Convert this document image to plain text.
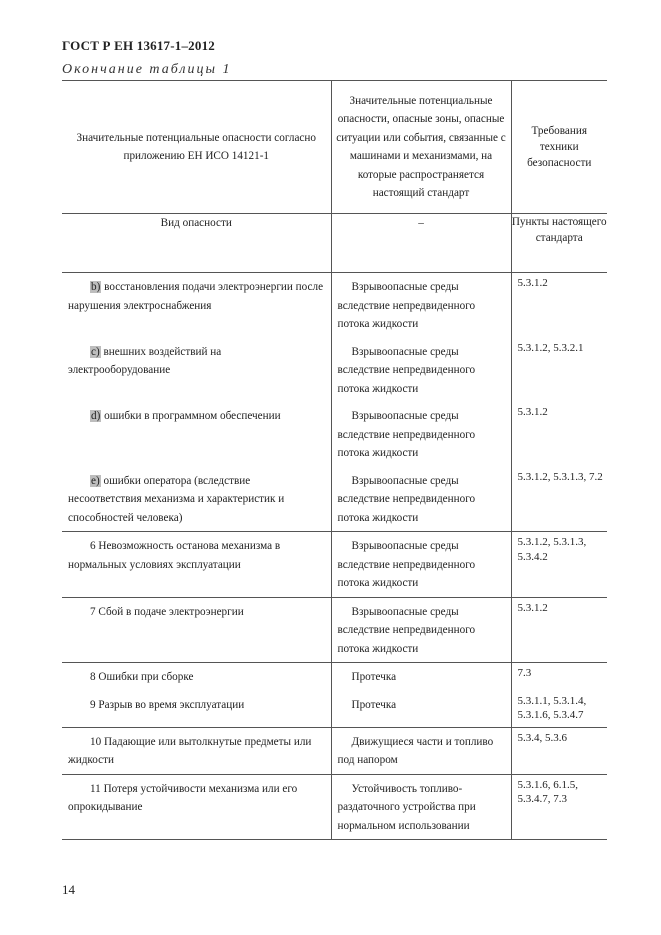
ГОСТ Р ЕН 13617-1–2012
Окончание таблицы 1
Значительные потенциальные опасности согласно приложению ЕН ИСО 14121-1	Значительные потенциальные опасности, опасные зоны, опасные ситуации или события, связанные с машинами и механизмами, на которые распространяется настоящий стандарт	Требования техники безопасности
Вид опасности	–	Пункты настоящего стандарта
b) восстановления подачи электроэнергии после нарушения электроснабжения	Взрывоопасные среды вследствие непредвиденного потока жидкости	5.3.1.2
c) внешних воздействий на электрооборудование	Взрывоопасные среды вследствие непредвиденного потока жидкости	5.3.1.2, 5.3.2.1
d) ошибки в программном обеспечении	Взрывоопасные среды вследствие непредвиденного потока жидкости	5.3.1.2
e) ошибки оператора (вследствие несоответствия механизма и характеристик и способностей человека)	Взрывоопасные среды вследствие непредвиденного потока жидкости	5.3.1.2, 5.3.1.3, 7.2
6 Невозможность останова механизма в нормальных условиях эксплуатации	Взрывоопасные среды вследствие непредвиденного потока жидкости	5.3.1.2, 5.3.1.3, 5.3.4.2
7 Сбой в подаче электроэнергии	Взрывоопасные среды вследствие непредвиденного потока жидкости	5.3.1.2
8 Ошибки при сборке	Протечка	7.3
9 Разрыв во время эксплуатации	Протечка	5.3.1.1, 5.3.1.4, 5.3.1.6, 5.3.4.7
10 Падающие или вытолкнутые предметы или жидкости	Движущиеся части и топливо под напором	5.3.4, 5.3.6
11 Потеря устойчивости механизма или его опрокидывание	Устойчивость топливо-раздаточного устройства при нормальном использовании	5.3.1.6, 6.1.5, 5.3.4.7, 7.3
14
